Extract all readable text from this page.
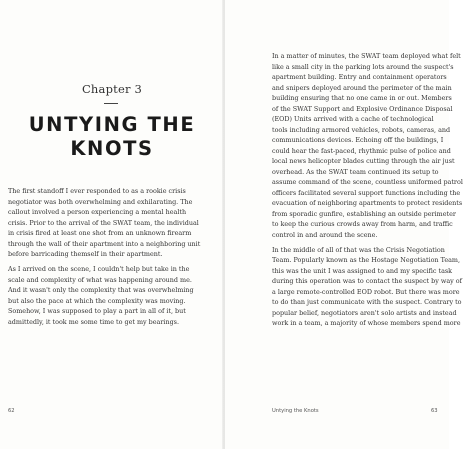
Chapter 3
UNTYING THE
KNOTS

The first standoff I ever responded to as a rookie crisis
negotiator was both overwhelming and exhilarating. The
callout involved a person experiencing a mental health
crisis. Prior to the arrival of the SWAT team, the individual
in crisis fired at least one shot from an unknown firearm
through the wall of their apartment into a neighboring unit
before barricading themself in their apartment.

As I arrived on the scene, I couldn't help but take in the
scale and complexity of what was happening around me.
And it wasn't only the complexity that was overwhelming
but also the pace at which the complexity was moving.
Somehow, I was supposed to play a part in all of it, but
admittedly, it took me some time to get my bearings.

62

In a matter of minutes, the SWAT team deployed what felt
like a small city in the parking lots around the suspect's
apartment building. Entry and containment operators
and snipers deployed around the perimeter of the main
building ensuring that no one came in or out. Members
of the SWAT Support and Explosive Ordinance Disposal
(EOD) Units arrived with a cache of technological
tools including armored vehicles, robots, cameras, and
communications devices. Echoing off the buildings, I
could hear the fast-paced, rhythmic pulse of police and
local news helicopter blades cutting through the air just
overhead. As the SWAT team continued its setup to
assume command of the scene, countless uniformed patrol
officers facilitated several support functions including the
evacuation of neighboring apartments to protect residents
from sporadic gunfire, establishing an outside perimeter
to keep the curious crowds away from harm, and traffic
control in and around the scene.

In the middle of all of that was the Crisis Negotiation
Team. Popularly known as the Hostage Negotiation Team,
this was the unit I was assigned to and my specific task
during this operation was to contact the suspect by way of
a large remote-controlled EOD robot. But there was more
to do than just communicate with the suspect. Contrary to
popular belief, negotiators aren't solo artists and instead
work in a team, a majority of whose members spend more

Untying the Knots	63
